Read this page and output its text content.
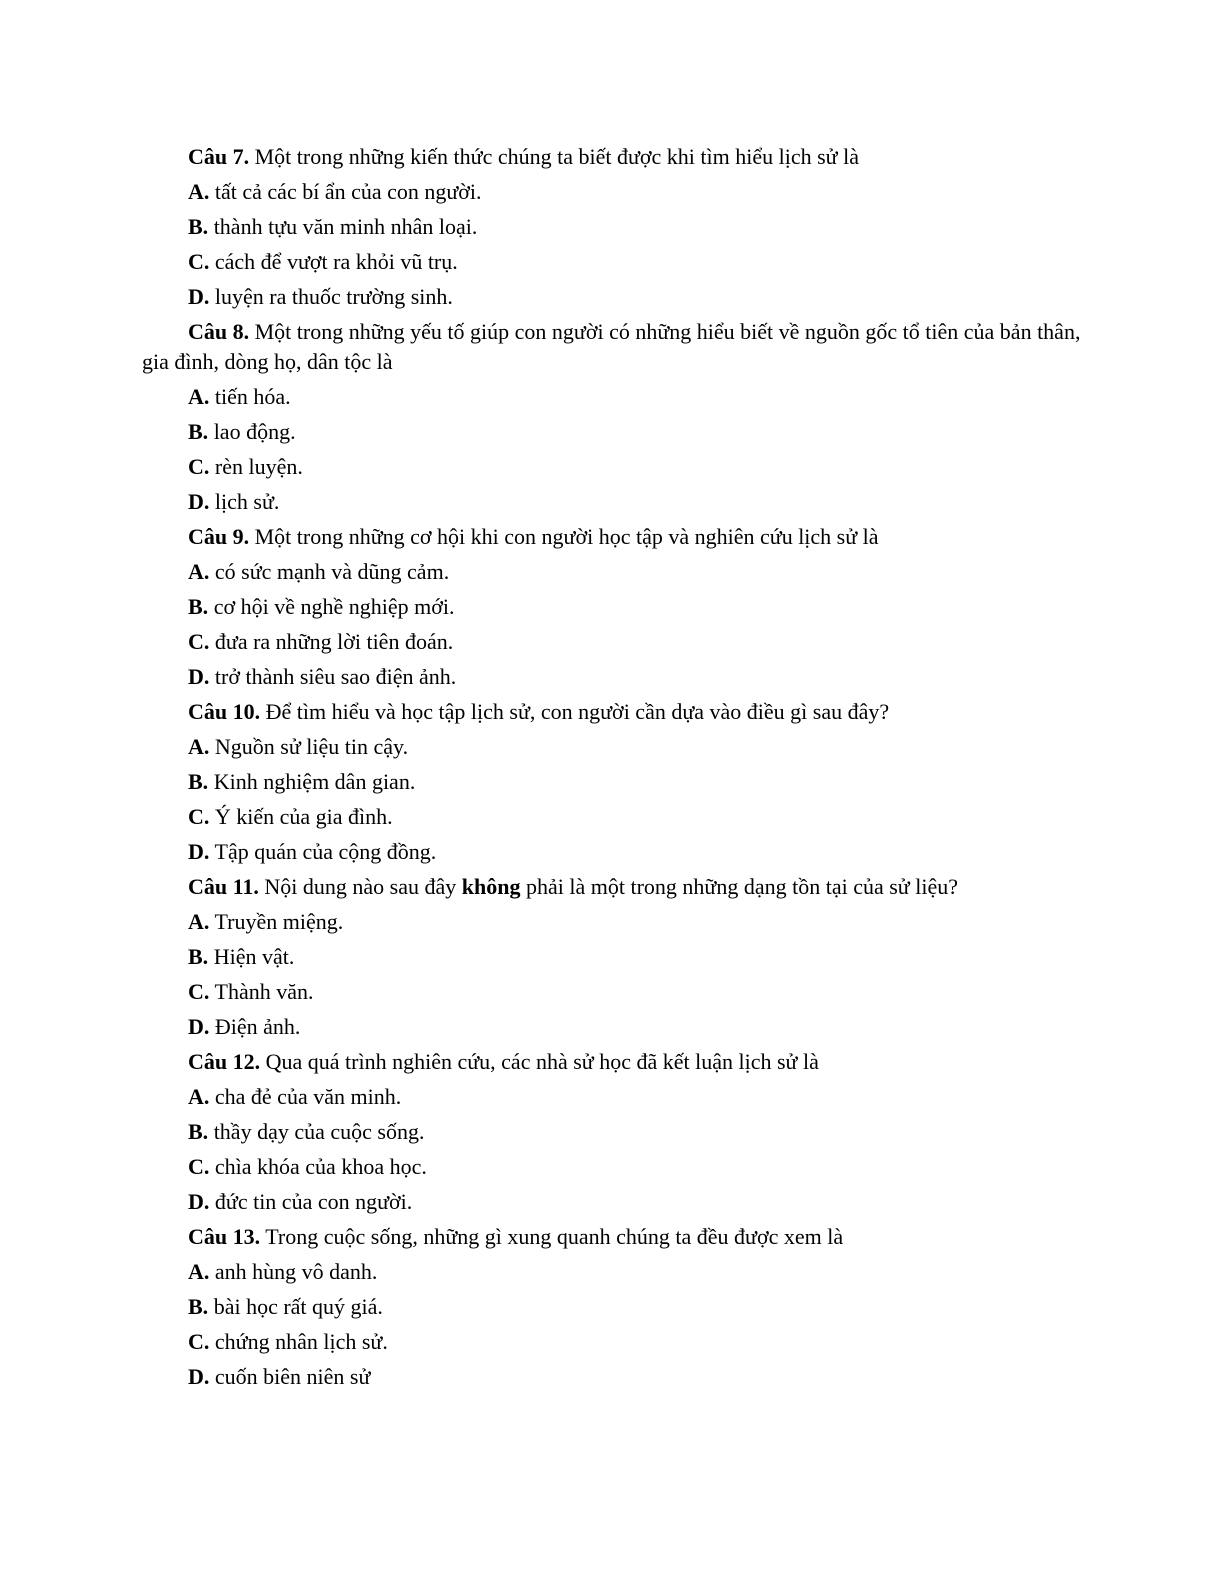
Câu 7. Một trong những kiến thức chúng ta biết được khi tìm hiểu lịch sử là

A. tất cả các bí ẩn của con người.

B. thành tựu văn minh nhân loại.

C. cách để vượt ra khỏi vũ trụ.

D. luyện ra thuốc trường sinh.

Câu 8. Một trong những yếu tố giúp con người có những hiểu biết về nguồn gốc tổ tiên của bản thân, gia đình, dòng họ, dân tộc là

A. tiến hóa.

B. lao động.

C. rèn luyện.

D. lịch sử.

Câu 9. Một trong những cơ hội khi con người học tập và nghiên cứu lịch sử là

A. có sức mạnh và dũng cảm.

B. cơ hội về nghề nghiệp mới.

C. đưa ra những lời tiên đoán.

D. trở thành siêu sao điện ảnh.

Câu 10. Để tìm hiểu và học tập lịch sử, con người cần dựa vào điều gì sau đây?

A. Nguồn sử liệu tin cậy.

B. Kinh nghiệm dân gian.

C. Ý kiến của gia đình.

D. Tập quán của cộng đồng.

Câu 11. Nội dung nào sau đây không phải là một trong những dạng tồn tại của sử liệu?

A. Truyền miệng.

B. Hiện vật.

C. Thành văn.

D. Điện ảnh.

Câu 12. Qua quá trình nghiên cứu, các nhà sử học đã kết luận lịch sử là

A. cha đẻ của văn minh.

B. thầy dạy của cuộc sống.

C. chìa khóa của khoa học.

D. đức tin của con người.

Câu 13. Trong cuộc sống, những gì xung quanh chúng ta đều được xem là

A. anh hùng vô danh.

B. bài học rất quý giá.

C. chứng nhân lịch sử.

D. cuốn biên niên sử
